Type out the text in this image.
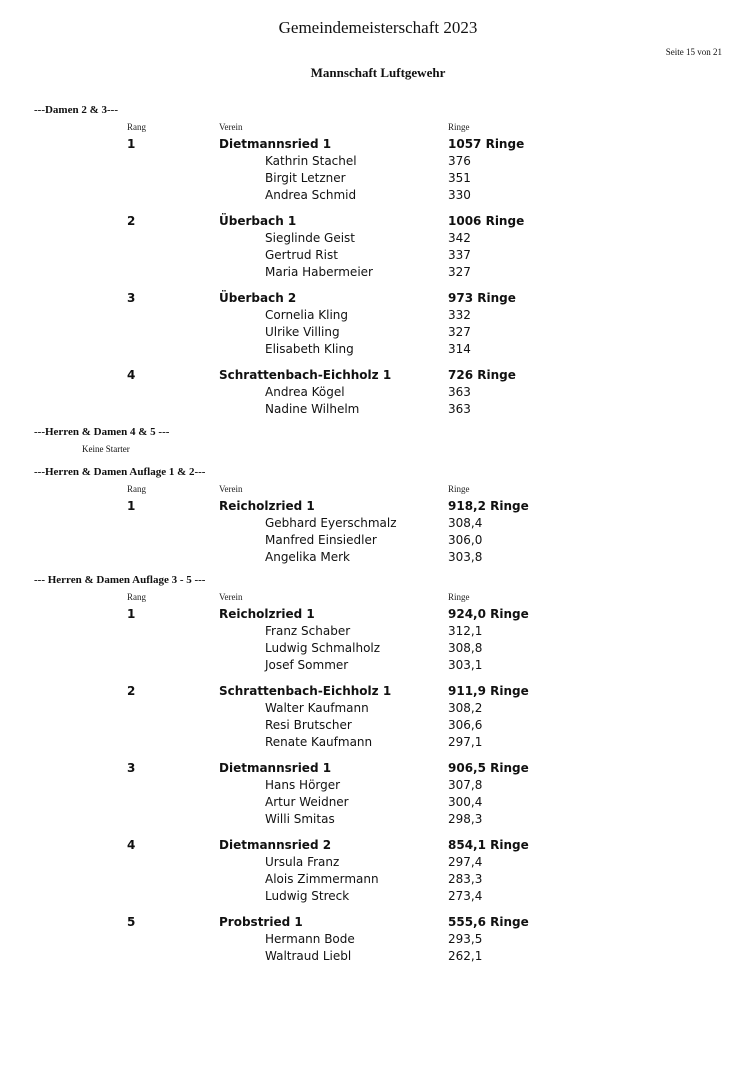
Gemeindemeisterschaft 2023
Seite 15 von 21
Mannschaft Luftgewehr
---Damen 2 & 3---
Rang	Verein	Ringe
1	Dietmannsried 1	1057 Ringe
Kathrin Stachel	376
Birgit Letzner	351
Andrea Schmid	330
2	Überbach 1	1006 Ringe
Sieglinde Geist	342
Gertrud Rist	337
Maria Habermeier	327
3	Überbach 2	973 Ringe
Cornelia Kling	332
Ulrike Villing	327
Elisabeth Kling	314
4	Schrattenbach-Eichholz 1	726 Ringe
Andrea Kögel	363
Nadine Wilhelm	363
---Herren & Damen 4 & 5 ---
Keine Starter
---Herren & Damen Auflage 1 & 2---
Rang	Verein	Ringe
1	Reicholzried 1	918,2 Ringe
Gebhard Eyerschmalz	308,4
Manfred Einsiedler	306,0
Angelika Merk	303,8
--- Herren & Damen Auflage 3 - 5 ---
Rang	Verein	Ringe
1	Reicholzried 1	924,0 Ringe
Franz Schaber	312,1
Ludwig Schmalholz	308,8
Josef Sommer	303,1
2	Schrattenbach-Eichholz 1	911,9 Ringe
Walter Kaufmann	308,2
Resi Brutscher	306,6
Renate Kaufmann	297,1
3	Dietmannsried 1	906,5 Ringe
Hans Hörger	307,8
Artur Weidner	300,4
Willi Smitas	298,3
4	Dietmannsried 2	854,1 Ringe
Ursula Franz	297,4
Alois Zimmermann	283,3
Ludwig Streck	273,4
5	Probstried 1	555,6 Ringe
Hermann Bode	293,5
Waltraud Liebl	262,1
